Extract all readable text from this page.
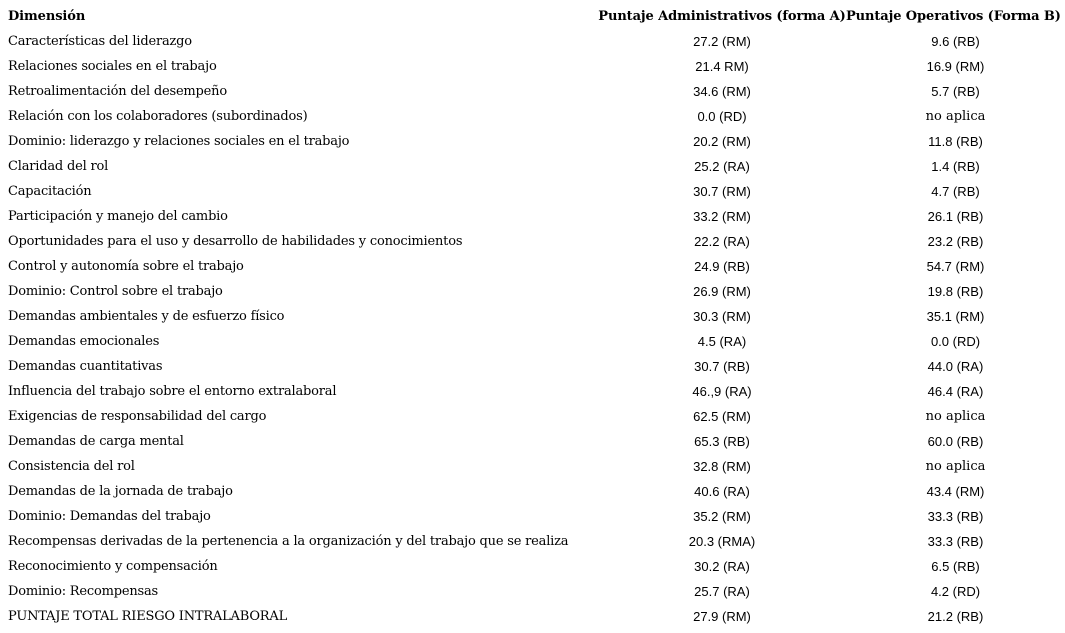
Dimensión	Puntaje Administrativos (forma A)	Puntaje Operativos (Forma B)
Características del liderazgo	27.2 (RM)	9.6 (RB)
Relaciones sociales en el trabajo	21.4 RM)	16.9 (RM)
Retroalimentación del desempeño	34.6 (RM)	5.7 (RB)
Relación con los colaboradores (subordinados)	0.0 (RD)	no aplica
Dominio: liderazgo y relaciones sociales en el trabajo	20.2 (RM)	11.8 (RB)
Claridad del rol	25.2 (RA)	1.4 (RB)
Capacitación	30.7 (RM)	4.7 (RB)
Participación y manejo del cambio	33.2 (RM)	26.1 (RB)
Oportunidades para el uso y desarrollo de habilidades y conocimientos	22.2 (RA)	23.2 (RB)
Control y autonomía sobre el trabajo	24.9 (RB)	54.7 (RM)
Dominio: Control sobre el trabajo	26.9 (RM)	19.8 (RB)
Demandas ambientales y de esfuerzo físico	30.3 (RM)	35.1 (RM)
Demandas emocionales	4.5 (RA)	0.0 (RD)
Demandas cuantitativas	30.7 (RB)	44.0 (RA)
Influencia del trabajo sobre el entorno extralaboral	46.,9 (RA)	46.4 (RA)
Exigencias de responsabilidad del cargo	62.5 (RM)	no aplica
Demandas de carga mental	65.3 (RB)	60.0 (RB)
Consistencia del rol	32.8 (RM)	no aplica
Demandas de la jornada de trabajo	40.6 (RA)	43.4 (RM)
Dominio: Demandas del trabajo	35.2 (RM)	33.3 (RB)
Recompensas derivadas de la pertenencia a la organización y del trabajo que se realiza	20.3 (RMA)	33.3 (RB)
Reconocimiento y compensación	30.2 (RA)	6.5 (RB)
Dominio: Recompensas	25.7 (RA)	4.2 (RD)
PUNTAJE TOTAL RIESGO INTRALABORAL	27.9 (RM)	21.2 (RB)
